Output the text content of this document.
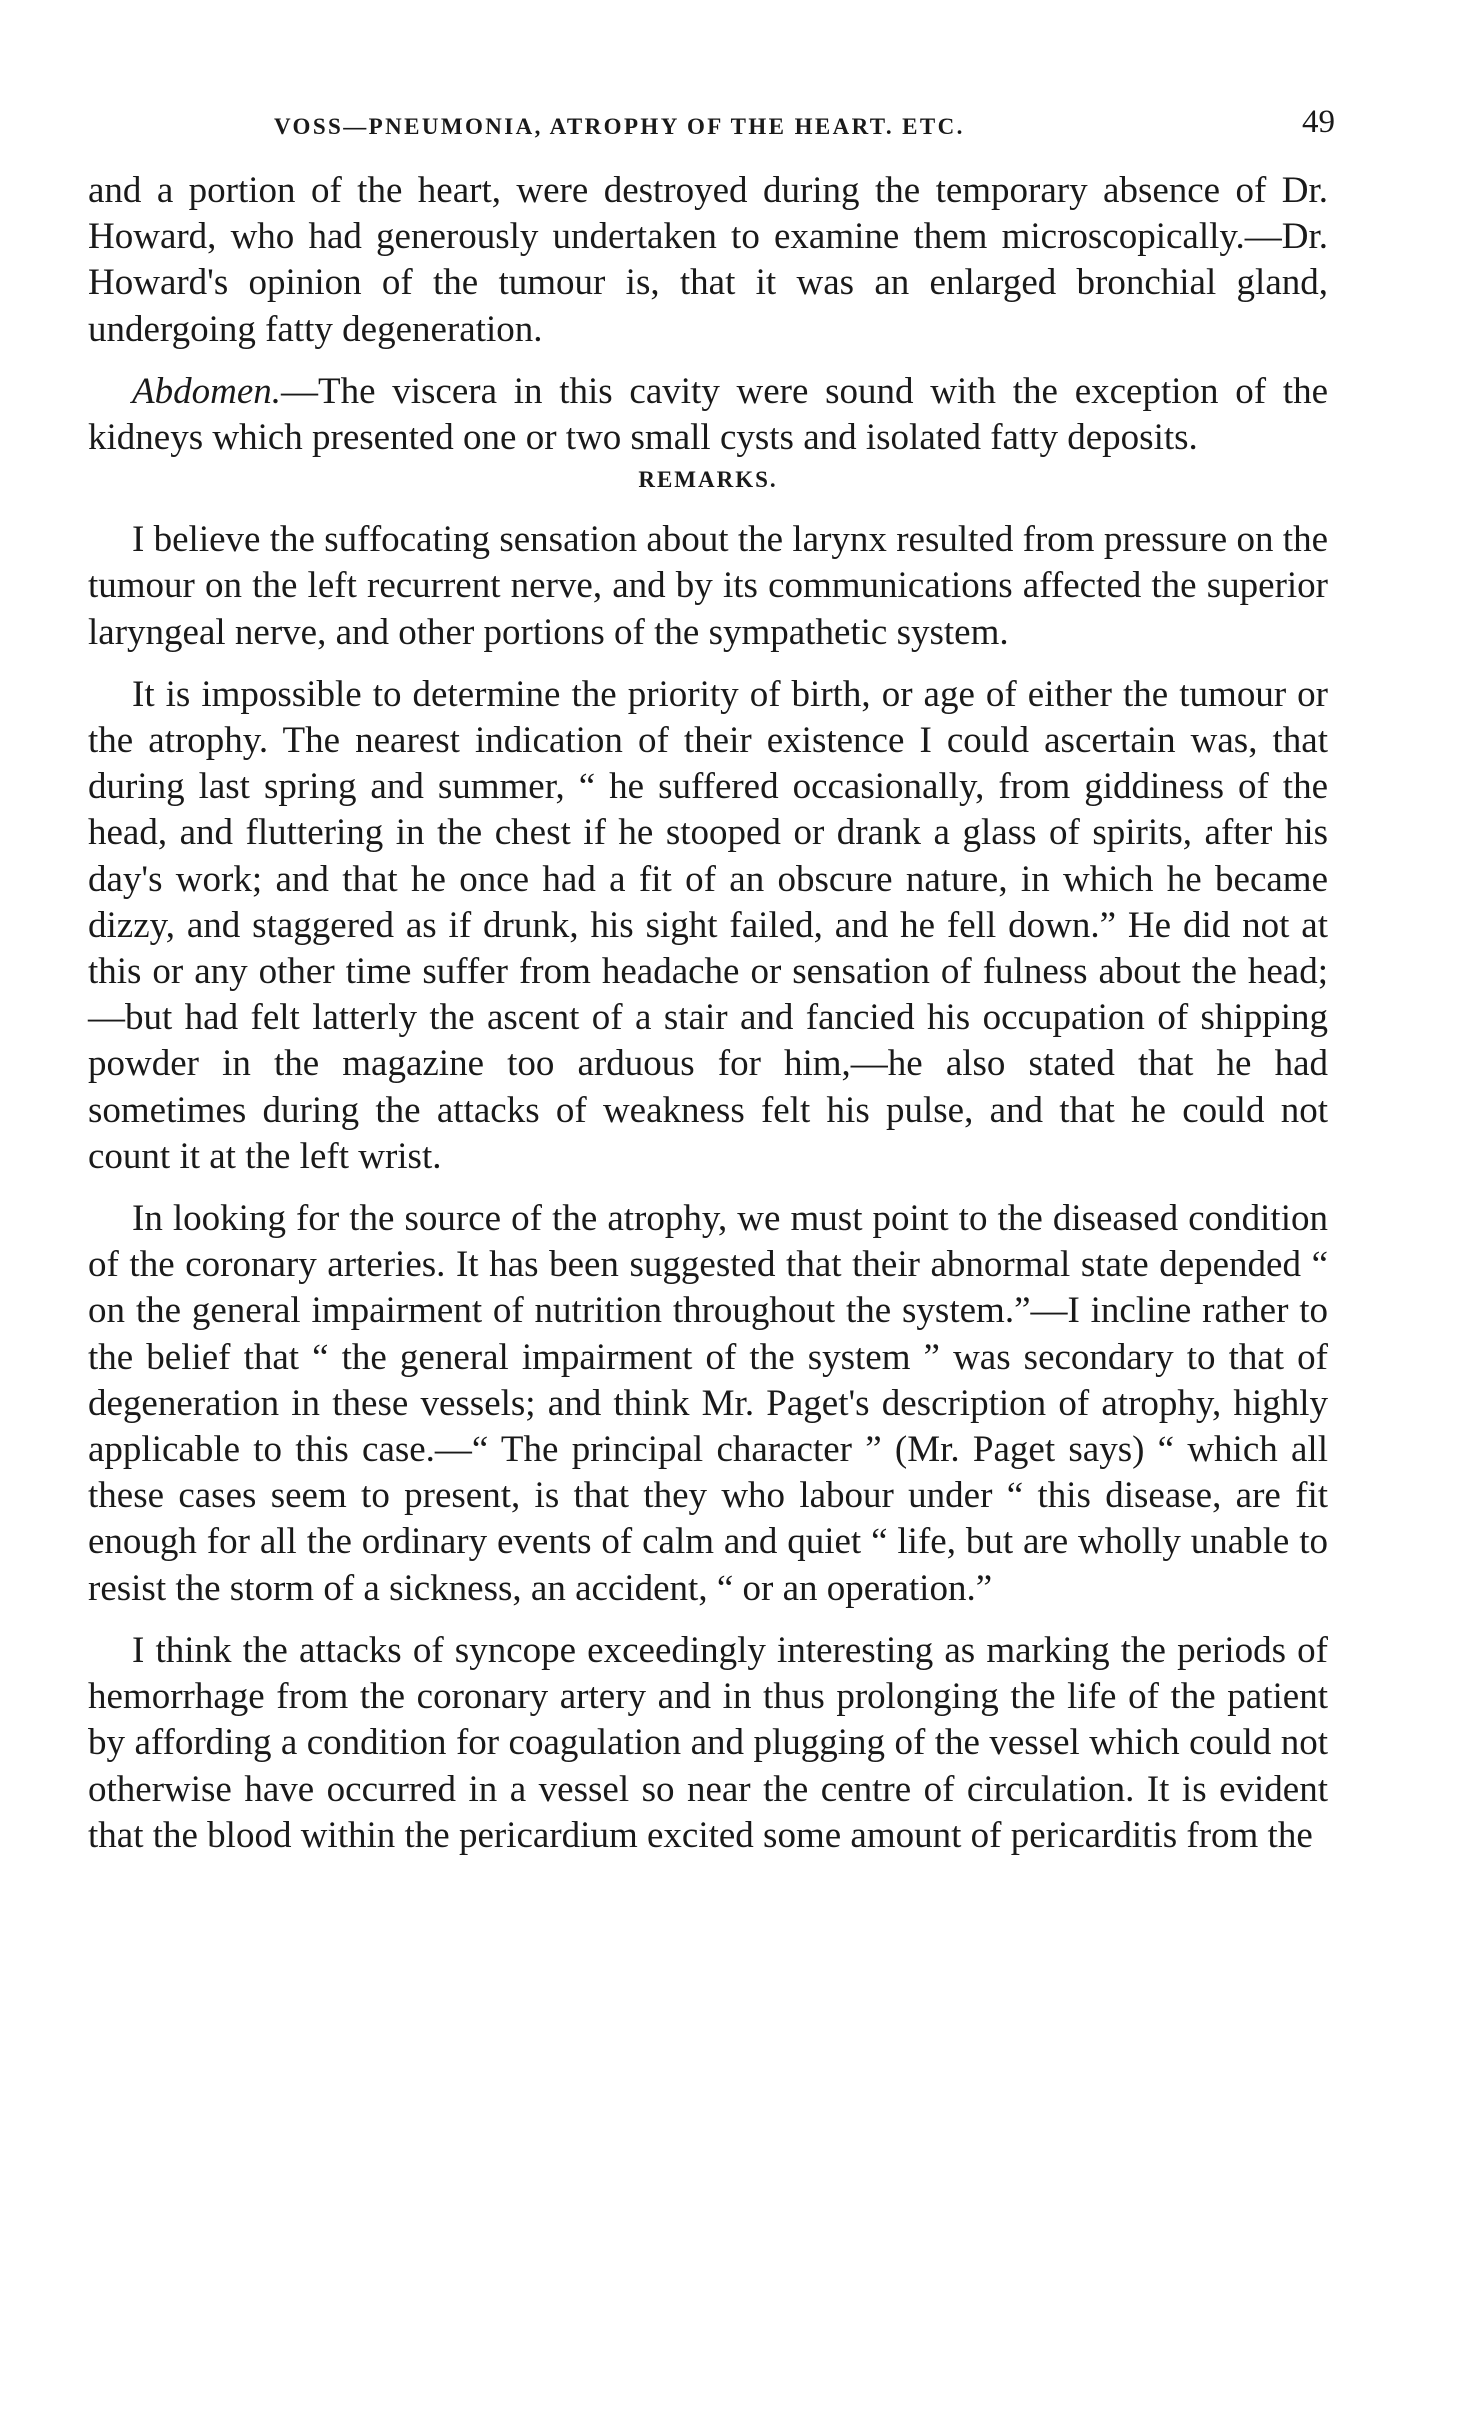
VOSS—PNEUMONIA, ATROPHY OF THE HEART. ETC.	49

and a portion of the heart, were destroyed during the temporary absence of Dr. Howard, who had generously undertaken to examine them microscopically.—Dr. Howard's opinion of the tumour is, that it was an enlarged bronchial gland, undergoing fatty degeneration.

Abdomen.—The viscera in this cavity were sound with the exception of the kidneys which presented one or two small cysts and isolated fatty deposits.

REMARKS.

I believe the suffocating sensation about the larynx resulted from pressure on the tumour on the left recurrent nerve, and by its communications affected the superior laryngeal nerve, and other portions of the sympathetic system.

It is impossible to determine the priority of birth, or age of either the tumour or the atrophy. The nearest indication of their existence I could ascertain was, that during last spring and summer, “ he suffered occasionally, from giddiness of the head, and fluttering in the chest if he stooped or drank a glass of spirits, after his day's work; and that he once had a fit of an obscure nature, in which he became dizzy, and staggered as if drunk, his sight failed, and he fell down.” He did not at this or any other time suffer from headache or sensation of fulness about the head;—but had felt latterly the ascent of a stair and fancied his occupation of shipping powder in the magazine too arduous for him,—he also stated that he had sometimes during the attacks of weakness felt his pulse, and that he could not count it at the left wrist.

In looking for the source of the atrophy, we must point to the diseased condition of the coronary arteries. It has been suggested that their abnormal state depended “ on the general impairment of nutrition throughout the system.”—I incline rather to the belief that “ the general impairment of the system ” was secondary to that of degeneration in these vessels; and think Mr. Paget's description of atrophy, highly applicable to this case.—“ The principal character ” (Mr. Paget says) “ which all these cases seem to present, is that they who labour under “ this disease, are fit enough for all the ordinary events of calm and quiet “ life, but are wholly unable to resist the storm of a sickness, an accident, “ or an operation.”

I think the attacks of syncope exceedingly interesting as marking the periods of hemorrhage from the coronary artery and in thus prolonging the life of the patient by affording a condition for coagulation and plugging of the vessel which could not otherwise have occurred in a vessel so near the centre of circulation. It is evident that the blood within the pericardium excited some amount of pericarditis from the
